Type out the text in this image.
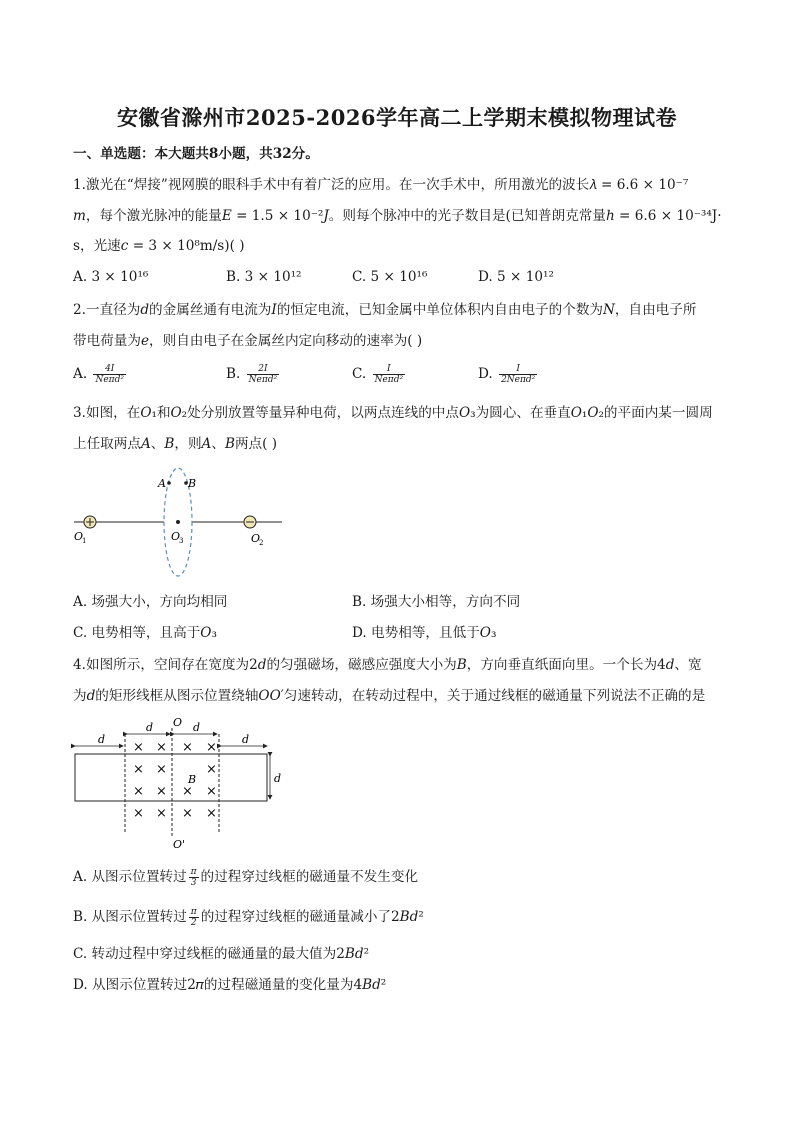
安徽省滁州市2025-2026学年高二上学期末模拟物理试卷
一、单选题：本大题共8小题，共32分。
1.激光在“焊接”视网膜的眼科手术中有着广泛的应用。在一次手术中，所用激光的波长𝜆 = 6.6 × 10⁻⁷
𝑚，每个激光脉冲的能量𝐸 = 1.5 × 10⁻²𝐽。则每个脉冲中的光子数目是(已知普朗克常量ℎ = 6.6 × 10⁻³⁴J·
s，光速𝑐 = 3 × 10⁸m/s)( )
A. 3 × 10¹⁶	B. 3 × 10¹²	C. 5 × 10¹⁶	D. 5 × 10¹²
2.一直径为𝑑的金属丝通有电流为𝐼的恒定电流，已知金属中单位体积内自由电子的个数为𝑁，自由电子所
带电荷量为𝑒，则自由电子在金属丝内定向移动的速率为( )
A. $\frac{4I}{\text{Neπd²}}$	B. $\frac{2I}{\text{Neπd²}}$	C. $\frac{I}{\text{Neπd²}}$	D. $\frac{I}{\text{2Neπd²}}$
3.如图，在𝑂₁和𝑂₂处分别放置等量异种电荷，以两点连线的中点𝑂₃为圆心、在垂直𝑂₁𝑂₂的平面内某一圆周
上任取两点𝐴、𝐵，则𝐴、𝐵两点( )
A B
O
1	O
3	O
2
A. 场强大小，方向均相同	B. 场强大小相等，方向不同
C. 电势相等，且高于𝑂₃	D. 电势相等，且低于𝑂₃
4.如图所示，空间存在宽度为2𝑑的匀强磁场，磁感应强度大小为𝐵，方向垂直纸面向里。一个长为4𝑑、宽
为𝑑的矩形线框从图示位置绕轴𝑂𝑂′匀速转动，在转动过程中，关于通过线框的磁通量下列说法不正确的是
d
d	d
d
d
O
O'
B
× × × ×
× ×	×
× × × ×
× × × ×
A. 从图示位置转过 $\frac{\pi}{3}$ 的过程穿过线框的磁通量不发生变化
B. 从图示位置转过 $\frac{\pi}{2}$ 的过程穿过线框的磁通量减小了2𝐵𝑑²
C. 转动过程中穿过线框的磁通量的最大值为2𝐵𝑑²
D. 从图示位置转过2𝜋的过程磁通量的变化量为4𝐵𝑑²
